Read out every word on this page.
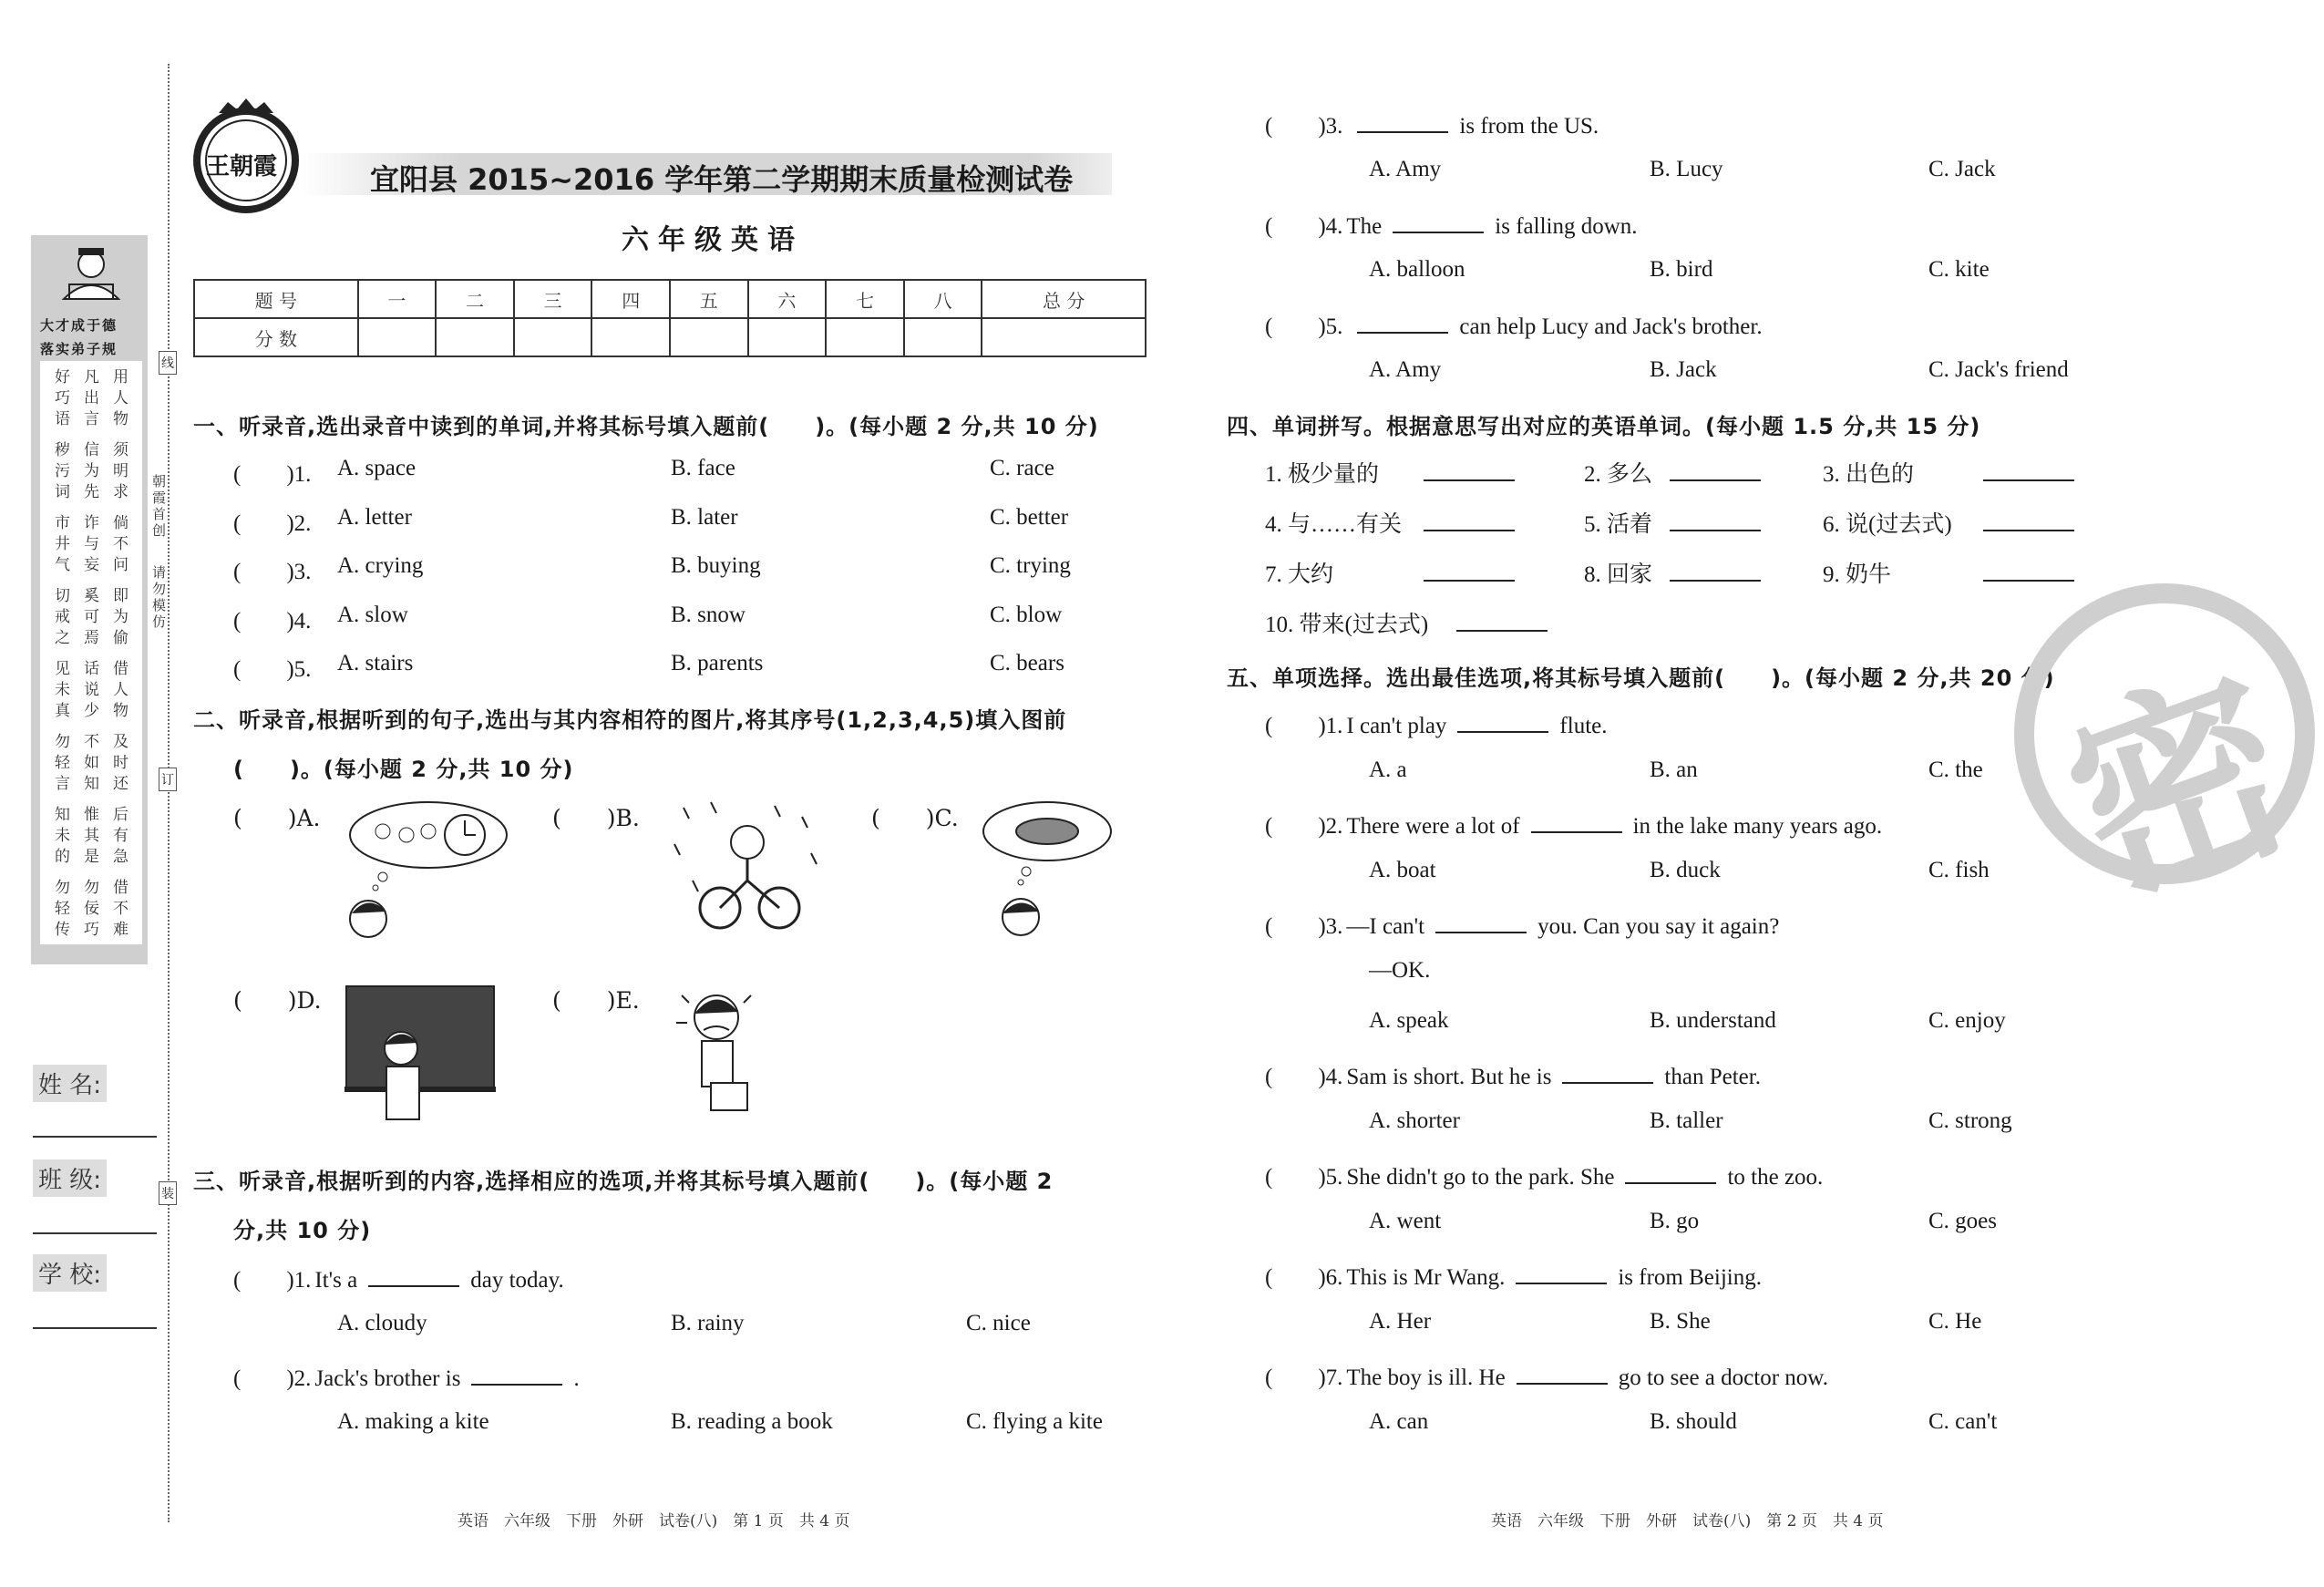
大才成于德
落实弟子规
好巧语 凡出言 用人物
秽污词 信为先 须明求
市井气 诈与妄 倘不问
切戒之 奚可焉 即为偷
见未真 话说少 借人物
勿轻言 不如知 及时还
知未的 惟其是 后有急
勿轻传 勿佞巧 借不难
朝霞首创
请勿模仿
线
订
装
姓 名:
班 级:
学 校:
王朝霞	宜阳县 2015~2016 学年第二学期期末质量检测试卷
六年级英语
题 号	一	二	三	四	五	六	七	八	总 分
分 数									
一、听录音,选出录音中读到的单词,并将其标号填入题前(　　)。(每小题 2 分,共 10 分)
(　　)1. A. space	B. face	C. race
(　　)2. A. letter	B. later	C. better
(　　)3. A. crying	B. buying	C. trying
(　　)4. A. slow	B. snow	C. blow
(　　)5. A. stairs	B. parents	C. bears
二、听录音,根据听到的句子,选出与其内容相符的图片,将其序号(1,2,3,4,5)填入图前
(　　)。(每小题 2 分,共 10 分)
(　　)A.	(　　)B.	(　　)C.
(　　)D.	(　　)E.
三、听录音,根据听到的内容,选择相应的选项,并将其标号填入题前(　　)。(每小题 2
分,共 10 分)
(　　)1. It's a	day today.
A. cloudy	B. rainy	C. nice
(　　)2. Jack's brother is	.
A. making a kite	B. reading a book	C. flying a kite
(　　)3.	is from the US.
A. Amy	B. Lucy	C. Jack
(　　)4. The	is falling down.
A. balloon	B. bird	C. kite
(　　)5.	can help Lucy and Jack's brother.
A. Amy	B. Jack	C. Jack's friend
四、单词拼写。根据意思写出对应的英语单词。(每小题 1.5 分,共 15 分)
1. 极少量的	2. 多么	3. 出色的
4. 与……有关	5. 活着	6. 说(过去式)
7. 大约	8. 回家	9. 奶牛
10. 带来(过去式)
五、单项选择。选出最佳选项,将其标号填入题前(　　)。(每小题 2 分,共 20 分)
(　　)1. I can't play	flute.
A. a	B. an	C. the
(　　)2. There were a lot of	in the lake many years ago.
A. boat	B. duck	C. fish
(　　)3. —I can't	you. Can you say it again?
—OK.
A. speak	B. understand	C. enjoy
(　　)4. Sam is short. But he is	than Peter.
A. shorter	B. taller	C. strong
(　　)5. She didn't go to the park. She	to the zoo.
A. went	B. go	C. goes
(　　)6. This is Mr Wang.	is from Beijing.
A. Her	B. She	C. He
(　　)7. The boy is ill. He	go to see a doctor now.
A. can	B. should	C. can't
密
英语　六年级　下册　外研　试卷(八)　第 1 页　共 4 页	英语　六年级　下册　外研　试卷(八)　第 2 页　共 4 页
